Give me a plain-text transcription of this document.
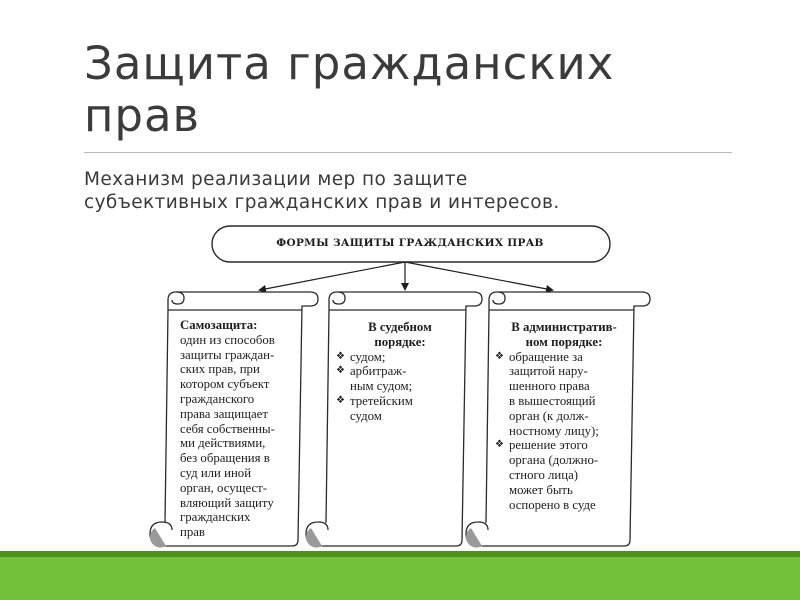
Защита гражданских
прав
Механизм реализации мер по защите
субъективных гражданских прав и интересов.
ФОРМЫ ЗАЩИТЫ ГРАЖДАНСКИХ ПРАВ
Самозащита:
один из способов
защиты граждан-
ских прав, при
котором субъект
гражданского
права защищает
себя собственны-
ми действиями,
без обращения в
суд или иной
орган, осущест-
вляющий защиту
гражданских
прав
В судебном
порядке:
❖ судом;
❖ арбитраж-
ным судом;
❖ третейским
судом
В административ-
ном порядке:
❖ обращение за
защитой нару-
шенного права
в вышестоящий
орган (к долж-
ностному лицу);
❖ решение этого
органа (должно-
стного лица)
может быть
оспорено в суде
